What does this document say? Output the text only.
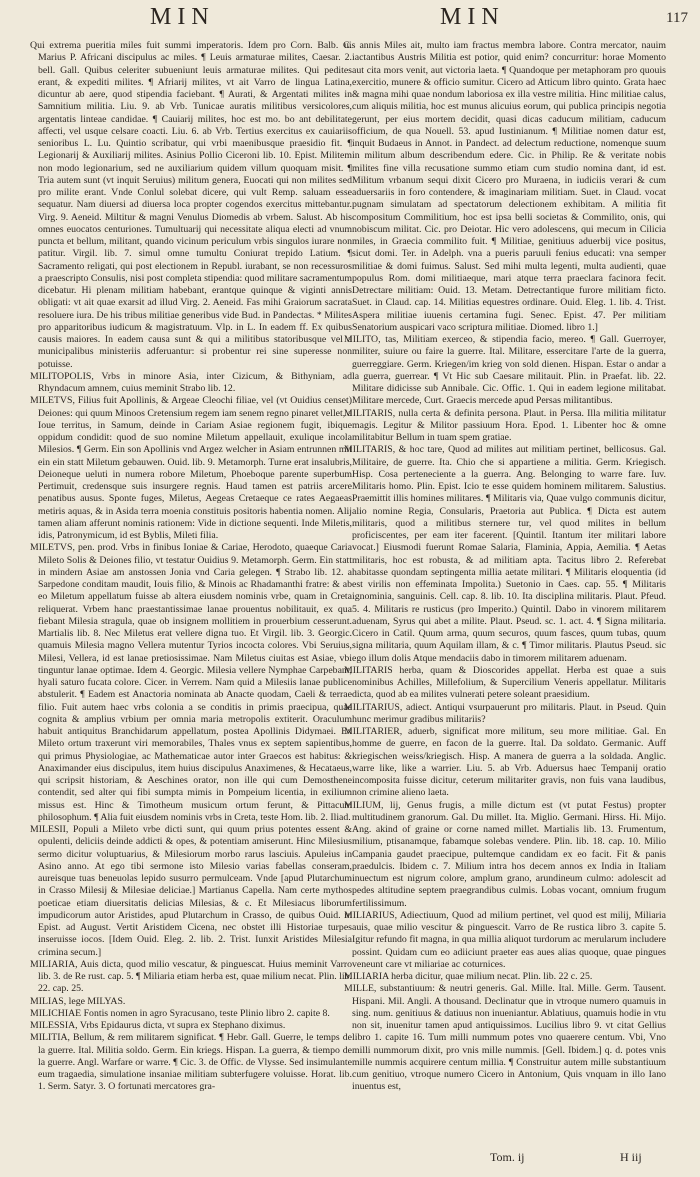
MIN	MIN	117

Qui extrema pueritia miles fuit summi imperatoris. Idem pro Corn. Balb. C. Marius P. Africani discipulus ac miles. ¶ Leuis armaturae milites, Caesar. 2. bell. Gall. Quibus celeriter subueniunt leuis armaturae milites. Qui pedites erant, & expediti milites. ¶ Afriarij milites, vt ait Varro de lingua Latina, dicuntur ab aere, quod stipendia faciebant. ¶ Aurati, & Argentati milites in Samnitium militia. Liu. 9. ab Vrb. Tunicae auratis militibus versicolores, argentatis linteae candidae. ¶ Cauiarij milites, hoc est mo. bo ant debilitate affecti, vel usque celsare coacti. Liu. 6. ab Vrb. Tertius exercitus ex cauiariis senioribus L. Lu. Quintio scribatur, qui vrbi maenibusque praesidio fit. ¶ Legionarij & Auxiliarij milites. Asinius Pollio Ciceroni lib. 10. Epist. Militem non modo legionarium, sed ne auxiliarium quidem villum quoquam misit. ¶ Tria autem sunt (vt inquit Seruius) militum genera, Euocati qui non milites sed pro milite erant. Vnde Conlul solebat dicere, qui vult Remp. saluam esse sequatur. Nam diuersi ad diuersa loca propter cogendos exercitus mittebantur. Virg. 9. Aeneid. Miltitur & magni Venulus Diomedis ab vrbem. Salust. Ab his omnes euocatos centuriones. Tumultuarij qui necessitate aliqua electi ad vnum puncta et bellum, militant, quando vicinum periculum vrbis singulos iurare non patitur. Virgil. lib. 7. simul omne tumultu Coniurat trepido Latium. ¶ Sacramento religati, qui post electionem in Republ. iurabant, se non recessuros a praescripto Consulis, nisi post completa stipendia: quod militare sacramentum dicebatur. Hi plenam militiam habebant, erantque quinque & viginti annis obligati: vt ait quae exarsit ad illud Virg. 2. Aeneid. Fas mihi Graiorum sacrata resoluere iura. De his tribus militiae generibus vide Bud. in Pandectas. * Milites pro apparitoribus iudicum & magistratuum. Vlp. in L. In eadem ff. Ex quibus causis maiores. In eadem causa sunt & qui a militibus statoribusque vel a municipalibus ministeriis adferuantur: si probentur rei sine superesse non potuisse.

MILITOPOLIS, Vrbs in minore Asia, inter Cizicum, & Bithyniam, ad Rhyndacum amnem, cuius meminit Strabo lib. 12.

MILETVS, Filius fuit Apollinis, & Argeae Cleochi filiae, vel (vt Ouidius censet) Deiones: qui quum Minoos Cretensium regem iam senem regno pinaret vellet, a Ioue territus, in Samum, deinde in Cariam Asiae regionem fugit, ibique oppidum condidit: quod de suo nomine Miletum appellauit, exulique incola Milesios. ¶ Germ. Ein son Apollinis vnd Argez welcher in Asiam entrunnen mit ein ein statt Miletum gebauwen. Ouid. lib. 9. Metamorph. Turne erat insalubris, Deioneque ueluti in numera robore Miletum, Phoeboque parente superbum Pertimuit, credensque suis insurgere regnis. Haud tamen est patriis arcere penatibus ausus. Sponte fuges, Miletus, Aegeas Cretaeque ce rates Aegaeas metiris aquas, & in Asida terra moenia constituis positoris habentia nomen. Alij tamen aliam afferunt nominis rationem: Vide in dictione sequenti. Inde Miletis, idis, Patronymicum, id est Byblis, Mileti filia.

MILETVS, pen. prod. Vrbs in finibus Ioniae & Cariae, Herodoto, quaeque Caria Mileto Solis & Deiones filio, vt testatur Ouidius 9. Metamorph. Germ. Ein statt in mindern Asiae am anstossen Jonia vnd Caria gelegen. ¶ Strabo lib. 12. a Sarpedone conditam maudit, Iouis filio, & Minois ac Rhadamanthi fratre: & ab eo Miletum appellatum fuisse ab altera eiusdem nominis vrbe, quam in Creta reliquerat. Vrbem hanc praestantissimae lanae prouentus nobilitauit, ex qua fiebant Milesia stragula, quae ob insignem mollitiem in prouerbium cesserunt. Martialis lib. 8. Nec Miletus erat vellere digna tuo. Et Virgil. lib. 3. Georgic. quamuis Milesia magno Vellera mutentur Tyrios incocta colores. Vbi Seruius, Milesi, Vellera, id est lanae pretiosissimae. Nam Miletus ciuitas est Asiae, vbi tinguntur lanae optimae. Idem 4. Georgic. Milesia vellere Nymphae Carpebant, hyali saturo fucata colore. Cicer. in Verrem. Nam quid a Milesiis lanae publice abstulerit. ¶ Eadem est Anactoria nominata ab Anacte quodam, Caeli & terrae filio. Fuit autem haec vrbs colonia a se conditis in primis praecipua, quae cognita & amplius vrbium per omnia maria metropolis extiterit. Oraculum habuit antiquitus Branchidarum appellatum, postea Apollinis Didymaei. Ex Mileto ortum traxerunt viri memorabiles, Thales vnus ex septem sapientibus, qui primus Physiologiae, ac Mathematicae autor inter Graecos est habitus: & Anaximander eius discipulus, item huius discipulus Anaximenes, & Hecataeus, qui scripsit historiam, & Aeschines orator, non ille qui cum Demosthene contendit, sed alter qui fibi sumpta mimis in Pompeium licentia, in exilium missus est. Hinc & Timotheum musicum ortum ferunt, & Pittacum philosophum. ¶ Alia fuit eiusdem nominis vrbs in Creta, teste Hom. lib. 2. Iliad.

MILESII, Populi a Mileto vrbe dicti sunt, qui quum prius potentes essent & opulenti, deliciis deinde addicti & opes, & potentiam amiserunt. Hinc Milesius sermo dicitur voluptuarius, & Milesiorum morbo rarus lasciuis. Apuleius in Asino anno. At ego tibi sermone isto Milesio varias fabellas conseram, aureisque tuas beneuolas lepido susurro permulceam. Vnde [apud Plutarchum in Crasso Milesij & Milesiae deliciae.] Martianus Capella. Nam certe mythos poeticae etiam diuersitatis delicias Milesias, & c. Et Milesiacus liborum impudicorum autor Aristides, apud Plutarchum in Crasso, de quibus Ouid. in Epist. ad August. Vertit Aristidem Cicena, nec obstet illi Historiae turpes inseruisse iocos. [Idem Ouid. Eleg. 2. lib. 2. Trist. Iunxit Aristides Milesia crimina secum.]

MILIARIA, Auis dicta, quod milio vescatur, & pinguescat. Huius meminit Varro lib. 3. de Re rust. cap. 5. ¶ Miliaria etiam herba est, quae milium necat. Plin. lib. 22. cap. 25.

MILIAS, lege MILYAS.

MILICHIAE Fontis nomen in agro Syracusano, teste Plinio libro 2. capite 8.

MILESSIA, Vrbs Epidaurus dicta, vt supra ex Stephano diximus.

MILITIA, Bellum, & rem militarem significat. ¶ Hebr. Gall. Guerre, le temps de la guerre. Ital. Militia soldo. Germ. Ein kriegs. Hispan. La guerra, & tiempo de la guerre. Angl. Warfare or warre. ¶ Cic. 3. de Offic. de Vlysse. Sed insimulante eum tragaedia, simulatione insaniae militiam subterfugere voluisse. Horat. lib. 1. Serm. Satyr. 3. O fortunati mercatores gra-

uis annis Miles ait, multo iam fractus membra labore. Contra mercator, nauim iactantibus Austris Militia est potior, quid enim? concurritur: horae Momento aut cita mors venit, aut victoria laeta. ¶ Quandoque per metaphoram pro quouis exercitio, munere & officio sumitur. Cicero ad Atticum libro quinto. Grata haec & magna mihi quae nondum laboriosa ex illa vestre militia. Hinc militiae calus, cum aliquis militia, hoc est munus alicuius eorum, qui publica principis negotia gerunt, per eius mortem decidit, quasi dicas caducum militiam, caducum officium, de qua Nouell. 53. apud Iustinianum. ¶ Militiae nomen datur est, inquit Budaeus in Annot. in Pandect. ad delectum reductione, nomenque suum in militum album describendum edere. Cic. in Philip. Re & veritate nobis milites fine villa recusatione summo etiam cum studio nomina dant, id est. Militum vrbanum sequi dixit Cicero pro Muraena, in iudiciis verari & cum aduersariis in foro contendere, & imaginariam militiam. Suet. in Claud. vocat pugnam simulatam ad spectatorum delectionem exhibitam. A militia fit compositum Commilitium, hoc est ipsa belli societas & Commilito, onis, qui nobiscum militat. Cic. pro Deiotar. Hic vero adolescens, qui mecum in Cilicia miles, in Graecia commilito fuit. ¶ Militiae, genitiuus aduerbij vice positus, sicut domi. Ter. in Adelph. vna a pueris paruuli fenius educati: vna semper militiae & domi fuimus. Salust. Sed mihi multa legenti, multa audienti, quae populus Rom. domi militiaeque, mari atque terra praeclara facinora fecit. Detrectare militiam: Ouid. 13. Metam. Detrectantique furore militiam ficto. Suet. in Claud. cap. 14. Militias equestres ordinare. Ouid. Eleg. 1. lib. 4. Trist. Aspera militiae iuuenis certamina fugi. Senec. Epist. 47. Per militiam Senatorium auspicari vaco scriptura militiae. Diomed. libro 1.]

MILITO, tas, Militiam exerceo, & stipendia facio, mereo. ¶ Gall. Guerroyer, militer, suiure ou faire la guerre. Ital. Militare, essercitare l'arte de la guerra, guerreggiare. Germ. Kriegen/im krieg von sold dienen. Hispan. Estar o andar a la guerra, guerrear. ¶ Vt Hic sub Caesare militauit. Plin. in Praefat. lib. 22. Militare didicisse sub Annibale. Cic. Offic. 1. Qui in eadem legione militabat. Militare mercede, Curt. Graecis mercede apud Persas militantibus.

MILITARIS, nulla certa & definita persona. Plaut. in Persa. Illa militia militatur magis. Legitur & Militor passiuum Hora. Epod. 1. Libenter hoc & omne militabitur Bellum in tuam spem gratiae.

MILITARIS, & hoc tare, Quod ad milites aut militiam pertinet, bellicosus. Gal. Militaire, de guerre. Ita. Chio che si appartiene a militia. Germ. Kriegisch. Hisp. Cosa perteneciente a la guerra. Ang. Belonging to warre fare. Iuv. Militaris homo. Plin. Epist. Icio te esse quidem hominem militarem. Salustius. Praemittit illis homines militares. ¶ Militaris via, Quae vulgo communis dicitur, alio nomine Regia, Consularis, Praetoria aut Publica. ¶ Dicta est autem militaris, quod a militibus sternere tur, vel quod milites in bellum proficiscentes, per eam iter facerent. [Quintil. Itantum iter militari labore vocat.] Eiusmodi fuerunt Romae Salaria, Flaminia, Appia, Aemilia. ¶ Aetas militaris, hoc est robusta, & ad militiam apta. Tacitus libro 2. Referebat habitasse quondam septingenta millia aetate militari. ¶ Militaris eloquentia (id est virilis non effeminata Impolita.) Suetonio in Caes. cap. 55. ¶ Militaris ignominia, sanguinis. Cell. cap. 8. lib. 10. Ita disciplina militaris. Plaut. Pfeud. 5. 4. Militaris re rusticus (pro Imperito.) Quintil. Dabo in vinorem militarem aduenam, Syrus qui abet a milite. Plaut. Pseud. sc. 1. act. 4. ¶ Signa militaria. Cicero in Catil. Quum arma, quum securos, quum fasces, quum tubas, quum signa militaria, quum Aquilam illam, & c. ¶ Timor militaris. Plautus Pseud. sic ego illum dolis Atque mendaciis dabo in timorem militarem aduenam.

MILITARIS herba, quam & Dioscorides appellat. Herba est quae a suis nominibus Achilles, Millefolium, & Supercilium Veneris appellatur. Militaris dicta, quod ab ea milites vulnerati petere soleant praesidium.

MILITARIUS, adiect. Antiqui vsurpauerunt pro militaris. Plaut. in Pseud. Quin hunc merimur gradibus militariis?

MILITARIER, aduerb, significat more militum, seu more militiae. Gal. En homme de guerre, en facon de la guerre. Ital. Da soldato. Germanic. Auff kriegischen weiss/kriegisch. Hisp. A manera de guerra a la soldada. Anglic. warre like, like a warrier. Liu. 5. ab Vrb. Aduersus haec Tempanij oratio incomposita fuisse dicitur, ceterum militariter gravis, non fuis vana laudibus, non crimine alieno laeta.

MILIUM, lij, Genus frugis, a mille dictum est (vt putat Festus) propter multitudinem granorum. Gal. Du millet. Ita. Miglio. Germani. Hirss. Hi. Mijo. Ang. akind of graine or corne named millet. Martialis lib. 13. Frumentum, milium, ptisanamque, fabamque solebas vendere. Plin. lib. 18. cap. 10. Milio Campania gaudet praecipue, pultemque candidam ex eo facit. Fit & panis praedulcis. Ibidem c. 7. Milium intra hos decem annos ex India in Italiam inuectum est nigrum colore, amplum grano, arundineum culmo: adolescit ad pedes altitudine septem praegrandibus culmis. Lobas vocant, omnium frugum fertilissimum.

MILIARIUS, Adiectiuum, Quod ad milium pertinet, vel quod est milij, Miliaria auis, quae milio vescitur & pinguescit. Varro de Re rustica libro 3. capite 5. Igitur refundo fit magna, in qua millia aliquot turdorum ac merularum includere possint. Quidam cum eo adiiciunt praeter eas aues alias quoque, quae pingues veneunt care vt miliariae ac coturnices.

MILIARIA herba dicitur, quae milium necat. Plin. lib. 22 c. 25.

MILLE, substantiuum: & neutri generis. Gal. Mille. Ital. Mille. Germ. Tausent. Hispani. Mil. Angli. A thousand. Declinatur que in vtroque numero quamuis in sing. num. genitiuus & datiuus non inueniantur. Ablatiuus, quamuis hodie in vtu non sit, inuenitur tamen apud antiquissimos. Lucilius libro 9. vt citat Gellius libro 1. capite 16. Tum milli nummum potes vno quaerere centum. Vbi, Vno milli nummorum dixit, pro vnis mille nummis. [Gell. Ibidem.] q. d. potes vnis mille nummis acquirere centum millia. ¶ Construitur autem mille substantiuum cum genitiuo, vtroque numero Cicero in Antonium, Quis vnquam in illo Iano inuentus est,

Tom. ij	H iij
